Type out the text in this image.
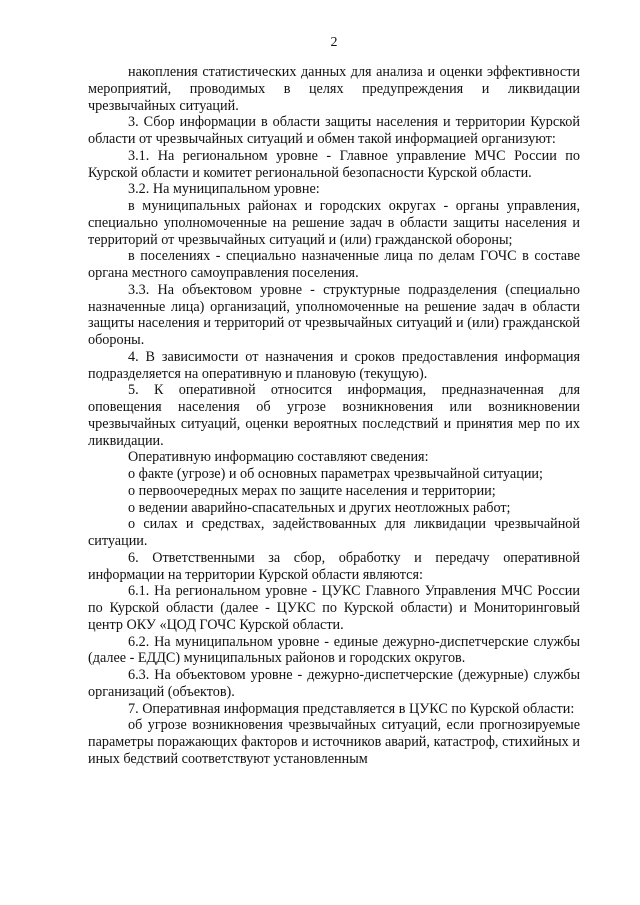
2

накопления статистических данных для анализа и оценки эффективности мероприятий, проводимых в целях предупреждения и ликвидации чрезвычайных ситуаций.

3. Сбор информации в области защиты населения и территории Курской области от чрезвычайных ситуаций и обмен такой информацией организуют:

3.1. На региональном уровне - Главное управление МЧС России по Курской области и комитет региональной безопасности Курской области.

3.2. На муниципальном уровне:

в муниципальных районах и городских округах - органы управления, специально уполномоченные на решение задач в области защиты населения и территорий от чрезвычайных ситуаций и (или) гражданской обороны;

в поселениях - специально назначенные лица по делам ГОЧС в составе органа местного самоуправления поселения.

3.3. На объектовом уровне - структурные подразделения (специально назначенные лица) организаций, уполномоченные на решение задач в области защиты населения и территорий от чрезвычайных ситуаций и (или) гражданской обороны.

4. В зависимости от назначения и сроков предоставления информация подразделяется на оперативную и плановую (текущую).

5. К оперативной относится информация, предназначенная для оповещения населения об угрозе возникновения или возникновении чрезвычайных ситуаций, оценки вероятных последствий и принятия мер по их ликвидации.

Оперативную информацию составляют сведения:

о факте (угрозе) и об основных параметрах чрезвычайной ситуации;

о первоочередных мерах по защите населения и территории;

о ведении аварийно-спасательных и других неотложных работ;

о силах и средствах, задействованных для ликвидации чрезвычайной ситуации.

6. Ответственными за сбор, обработку и передачу оперативной информации на территории Курской области являются:

6.1. На региональном уровне - ЦУКС Главного Управления МЧС России по Курской области (далее - ЦУКС по Курской области) и Мониторинговый центр ОКУ «ЦОД ГОЧС Курской области.

6.2. На муниципальном уровне - единые дежурно-диспетчерские службы (далее - ЕДДС) муниципальных районов и городских округов.

6.3. На объектовом уровне - дежурно-диспетчерские (дежурные) службы организаций (объектов).

7. Оперативная информация представляется в ЦУКС по Курской области:

об угрозе возникновения чрезвычайных ситуаций, если прогнозируемые параметры поражающих факторов и источников аварий, катастроф, стихийных и иных бедствий соответствуют установленным
